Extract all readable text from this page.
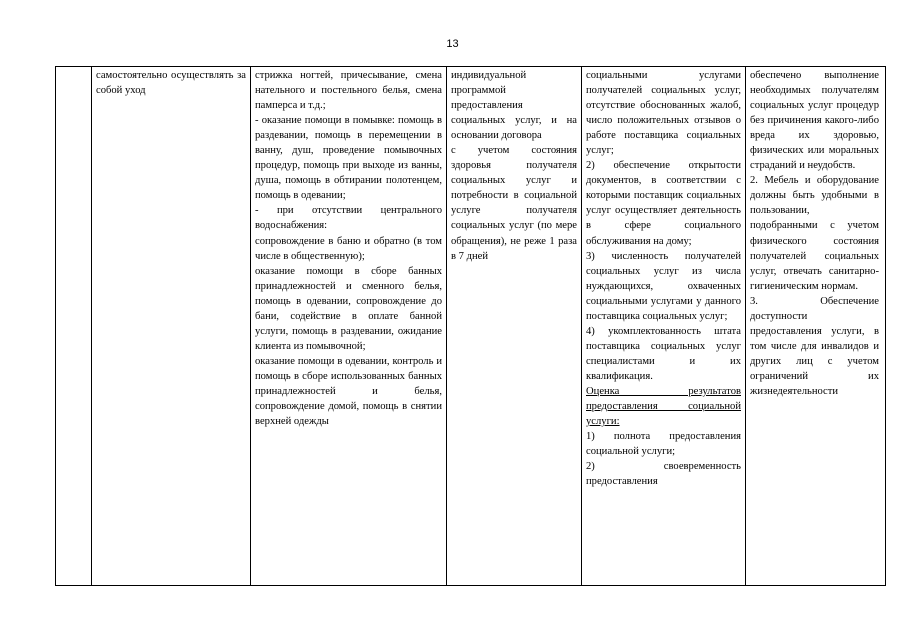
13

самостоятельно осуществлять за собой уход

стрижка ногтей, причесывание, смена нательного и постельного белья, смена памперса и т.д.;
- оказание помощи в помывке: помощь в раздевании, помощь в перемещении в ванну, душ, проведение помывочных процедур, помощь при выходе из ванны, душа, помощь в обтирании полотенцем, помощь в одевании;
- при отсутствии центрального водоснабжения:
сопровождение в баню и обратно (в том числе в общественную);
оказание помощи в сборе банных принадлежностей и сменного белья, помощь в одевании, сопровождение до бани, содействие в оплате банной услуги, помощь в раздевании, ожидание клиента из помывочной;
оказание помощи в одевании, контроль и помощь в сборе использованных банных принадлежностей и белья, сопровождение домой, помощь в снятии верхней одежды

индивидуальной программой предоставления социальных услуг, и на основании договора
с учетом состояния здоровья получателя социальных услуг и потребности в социальной услуге получателя социальных услуг (по мере обращения), не реже 1 раза в 7 дней

социальными услугами получателей социальных услуг, отсутствие обоснованных жалоб, число положительных отзывов о работе поставщика социальных услуг;
2) обеспечение открытости документов, в соответствии с которыми поставщик социальных услуг осуществляет деятельность в сфере социального обслуживания на дому;
3) численность получателей социальных услуг из числа нуждающихся, охваченных социальными услугами у данного поставщика социальных услуг;
4) укомплектованность штата поставщика социальных услуг специалистами и их квалификация.
Оценка результатов предоставления социальной услуги:
1) полнота предоставления социальной услуги;
2) своевременность предоставления

обеспечено выполнение необходимых получателям социальных услуг процедур без причинения какого-либо вреда их здоровью, физических или моральных страданий и неудобств.
2. Мебель и оборудование должны быть удобными в пользовании, подобранными с учетом физического состояния получателей социальных услуг, отвечать санитарно-гигиеническим нормам.
3. Обеспечение доступности предоставления услуги, в том числе для инвалидов и других лиц с учетом ограничений их жизнедеятельности
